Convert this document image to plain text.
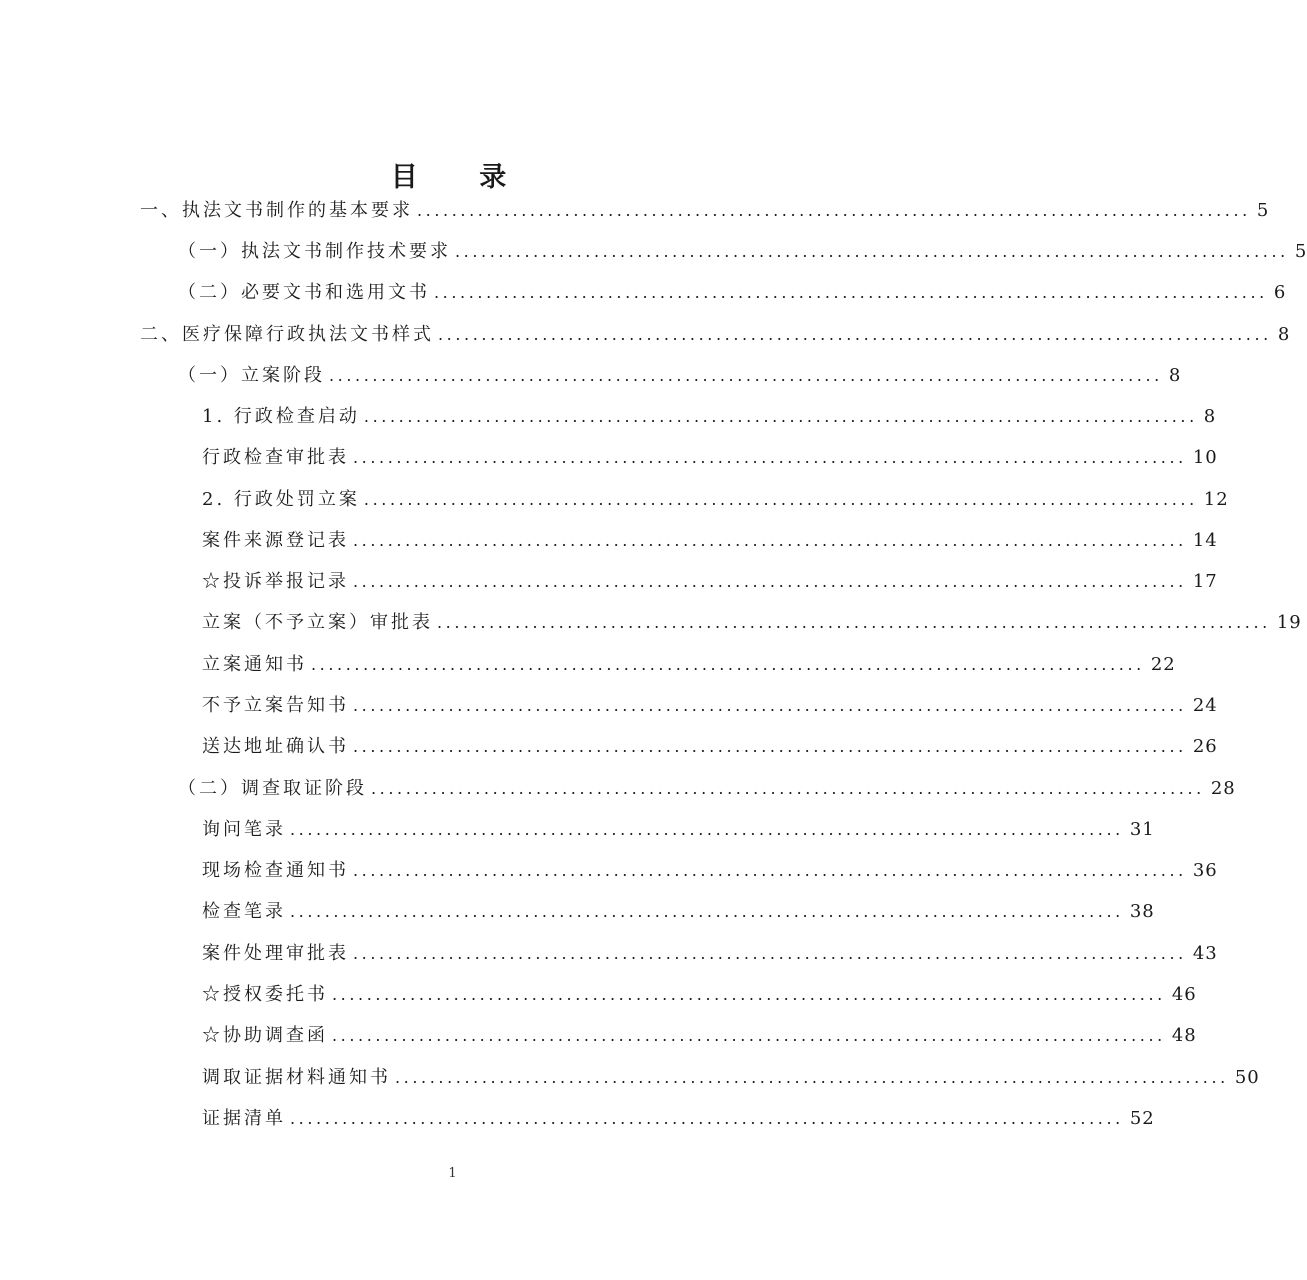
目 录
一、执法文书制作的基本要求 ................................................................................................ 5
（一）执法文书制作技术要求 ................................................................................................ 5
（二）必要文书和选用文书 ................................................................................................ 6
二、医疗保障行政执法文书样式 ................................................................................................ 8
（一）立案阶段 ................................................................................................ 8
1. 行政检查启动 ................................................................................................ 8
行政检查审批表 ................................................................................................ 10
2. 行政处罚立案 ................................................................................................ 12
案件来源登记表 ................................................................................................ 14
☆投诉举报记录 ................................................................................................ 17
立案（不予立案）审批表 ................................................................................................ 19
立案通知书 ................................................................................................ 22
不予立案告知书 ................................................................................................ 24
送达地址确认书 ................................................................................................ 26
（二）调查取证阶段 ................................................................................................ 28
询问笔录 ................................................................................................ 31
现场检查通知书 ................................................................................................ 36
检查笔录 ................................................................................................ 38
案件处理审批表 ................................................................................................ 43
☆授权委托书 ................................................................................................ 46
☆协助调查函 ................................................................................................ 48
调取证据材料通知书 ................................................................................................ 50
证据清单 ................................................................................................ 52
1
